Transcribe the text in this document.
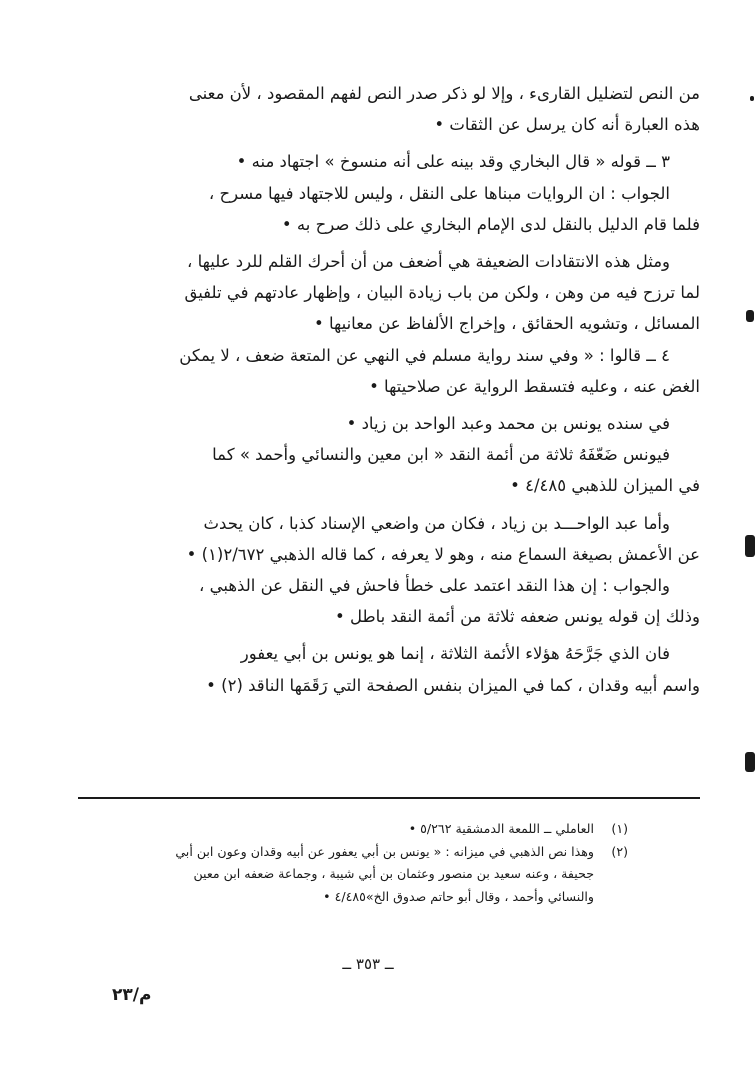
من النص لتضليل القارىء ، وإلا لو ذكر صدر النص لفهم المقصود ، لأن معنى

هذه العبارة أنه كان يرسل عن الثقات •

٣ ــ قوله « قال البخاري وقد بينه على أنه منسوخ » اجتهاد منه •

الجواب : ان الروايات مبناها على النقل ، وليس للاجتهاد فيها مسرح ،

فلما قام الدليل بالنقل لدى الإمام البخاري على ذلك صرح به •

ومثل هذه الانتقادات الضعيفة هي أضعف من أن أحرك القلم للرد عليها ،

لما ترزح فيه من وهن ، ولكن من باب زيادة البيان ، وإظهار عادتهم في تلفيق

المسائل ، وتشويه الحقائق ، وإخراج الألفاظ عن معانيها •

٤ ــ قالوا : « وفي سند رواية مسلم في النهي عن المتعة ضعف ، لا يمكن

الغض عنه ، وعليه فتسقط الرواية عن صلاحيتها •

في سنده يونس بن محمد وعبد الواحد بن زياد •

فيونس ضَعّفَهُ ثلاثة من أئمة النقد « ابن معين والنسائي وأحمد » كما

في الميزان للذهبي ٤/٤٨٥ •

وأما عبد الواحـــد بن زياد ، فكان من واضعي الإسناد كذبا ، كان يحدث

عن الأعمش بصيغة السماع منه ، وهو لا يعرفه ، كما قاله الذهبي ٢/٦٧٢(١) •

والجواب : إن هذا النقد اعتمد على خطأ فاحش في النقل عن الذهبي ،

وذلك إن قوله يونس ضعفه ثلاثة من أئمة النقد باطل •

فان الذي جَرَّحَهُ هؤلاء الأئمة الثلاثة ، إنما هو يونس بن أبي يعفور

واسم أبيه وقدان ، كما في الميزان بنفس الصفحة التي رَقَمَها الناقد (٢) •

(١)
العاملي ــ اللمعة الدمشقية ٥/٢٦٢ •
(٢)
وهذا نص الذهبي في ميزانه : « يونس بن أبي يعفور عن أبيه وقدان وعون ابن أبي جحيفة ، وعنه سعيد بن منصور وعثمان بن أبي شيبة ، وجماعة ضعفه ابن معين والنسائي وأحمد ، وقال أبو حاتم صدوق الخ»٤/٤٨٥ •
ــ ٣٥٣ ــ
م/٢٣
